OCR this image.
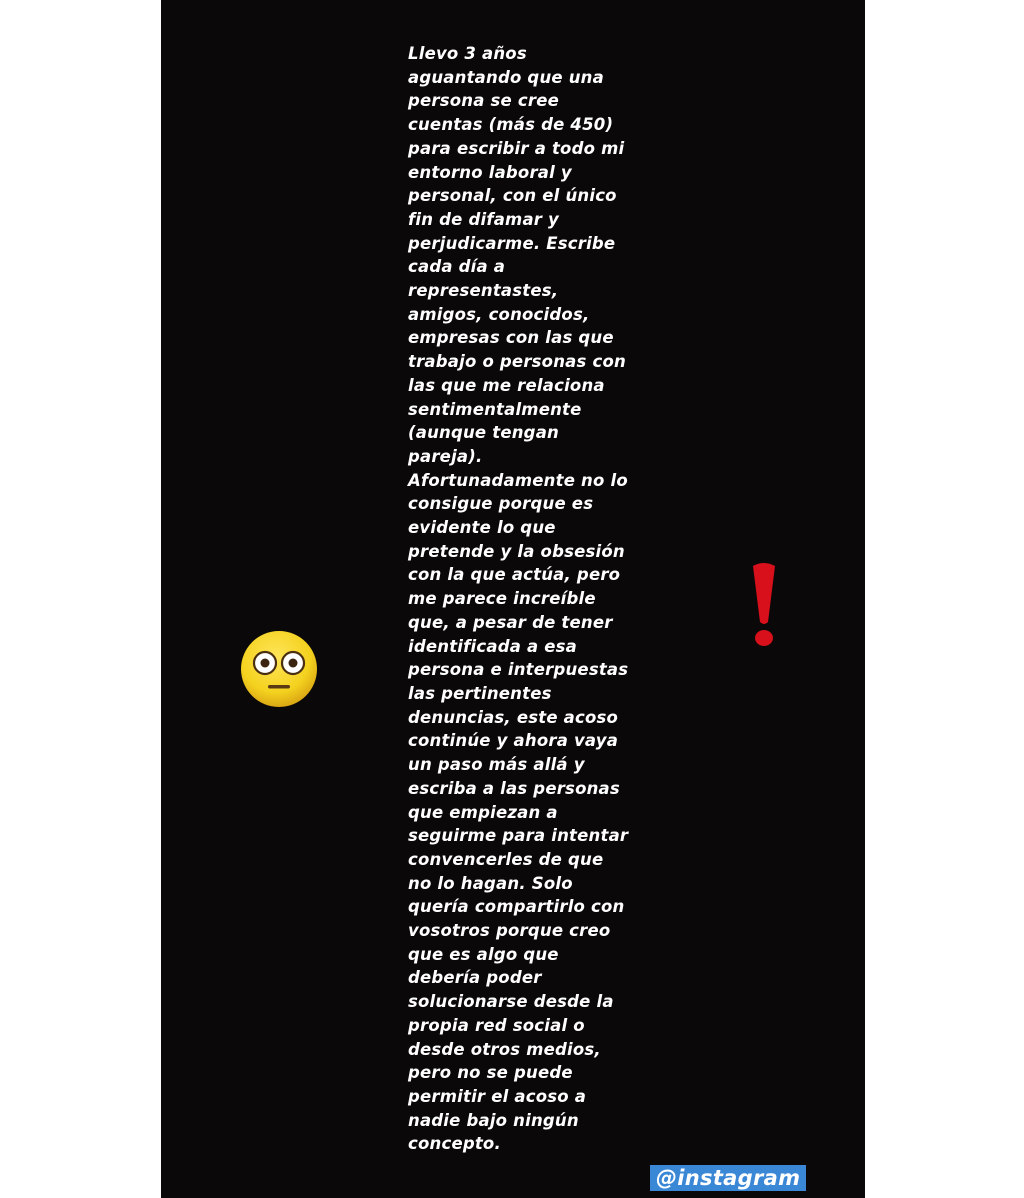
Llevo 3 años
aguantando que una
persona se cree
cuentas (más de 450)
para escribir a todo mi
entorno laboral y
personal, con el único
fin de difamar y
perjudicarme. Escribe
cada día a
representastes,
amigos, conocidos,
empresas con las que
trabajo o personas con
las que me relaciona
sentimentalmente
(aunque tengan
pareja).
Afortunadamente no lo
consigue porque es
evidente lo que
pretende y la obsesión
con la que actúa, pero
me parece increíble
que, a pesar de tener
identificada a esa
persona e interpuestas
las pertinentes
denuncias, este acoso
continúe y ahora vaya
un paso más allá y
escriba a las personas
que empiezan a
seguirme para intentar
convencerles de que
no lo hagan. Solo
quería compartirlo con
vosotros porque creo
que es algo que
debería poder
solucionarse desde la
propia red social o
desde otros medios,
pero no se puede
permitir el acoso a
nadie bajo ningún
concepto.
@instagram
